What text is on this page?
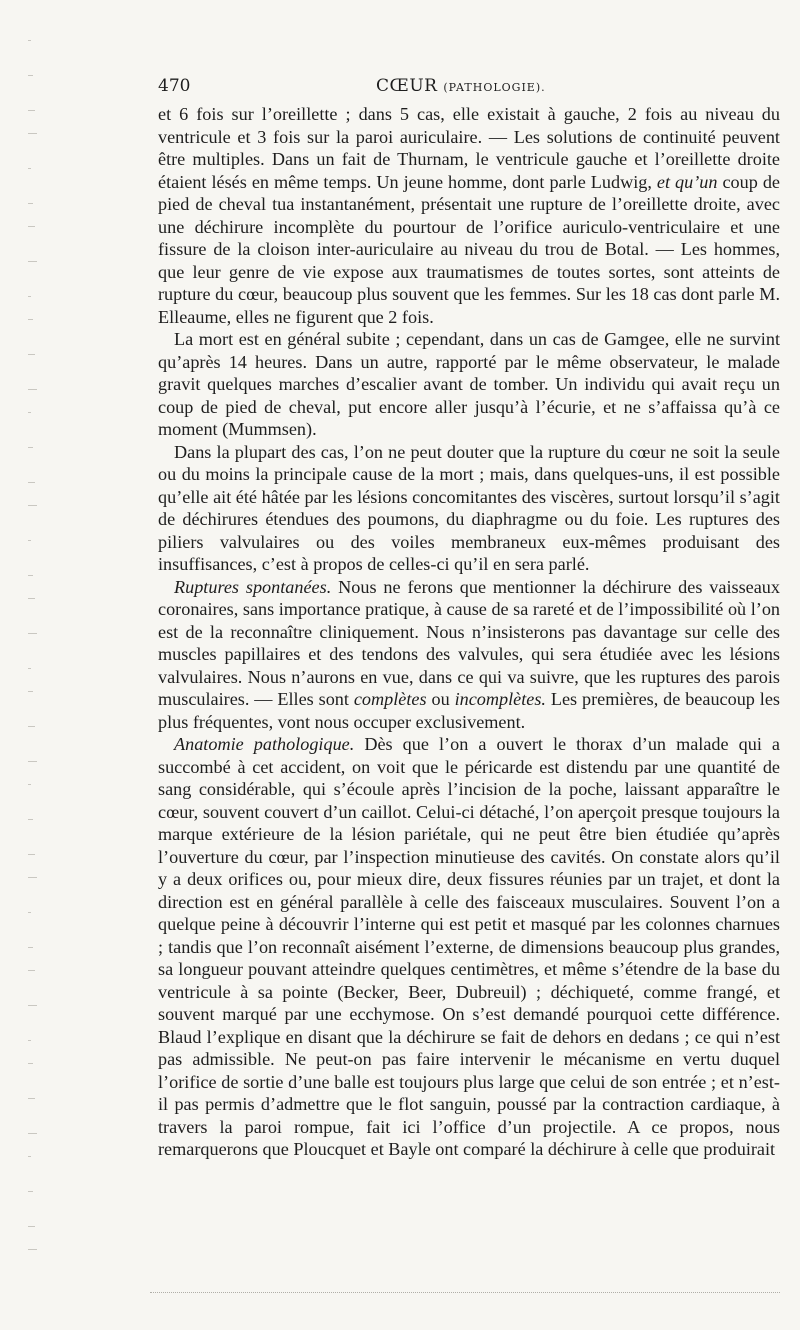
470	CŒUR (PATHOLOGIE).

et 6 fois sur l’oreillette ; dans 5 cas, elle existait à gauche, 2 fois au niveau du ventricule et 3 fois sur la paroi auriculaire. — Les solutions de continuité peuvent être multiples. Dans un fait de Thurnam, le ventricule gauche et l’oreillette droite étaient lésés en même temps. Un jeune homme, dont parle Ludwig, et qu’un coup de pied de cheval tua instantanément, présentait une rupture de l’oreillette droite, avec une déchirure incomplète du pourtour de l’orifice auriculo-ventriculaire et une fissure de la cloison inter-auriculaire au niveau du trou de Botal. — Les hommes, que leur genre de vie expose aux traumatismes de toutes sortes, sont atteints de rupture du cœur, beaucoup plus souvent que les femmes. Sur les 18 cas dont parle M. Elleaume, elles ne figurent que 2 fois.

La mort est en général subite ; cependant, dans un cas de Gamgee, elle ne survint qu’après 14 heures. Dans un autre, rapporté par le même observateur, le malade gravit quelques marches d’escalier avant de tomber. Un individu qui avait reçu un coup de pied de cheval, put encore aller jusqu’à l’écurie, et ne s’affaissa qu’à ce moment (Mummsen).

Dans la plupart des cas, l’on ne peut douter que la rupture du cœur ne soit la seule ou du moins la principale cause de la mort ; mais, dans quelques-uns, il est possible qu’elle ait été hâtée par les lésions concomitantes des viscères, surtout lorsqu’il s’agit de déchirures étendues des poumons, du diaphragme ou du foie. Les ruptures des piliers valvulaires ou des voiles membraneux eux-mêmes produisant des insuffisances, c’est à propos de celles-ci qu’il en sera parlé.

Ruptures spontanées. Nous ne ferons que mentionner la déchirure des vaisseaux coronaires, sans importance pratique, à cause de sa rareté et de l’impossibilité où l’on est de la reconnaître cliniquement. Nous n’insisterons pas davantage sur celle des muscles papillaires et des tendons des valvules, qui sera étudiée avec les lésions valvulaires. Nous n’aurons en vue, dans ce qui va suivre, que les ruptures des parois musculaires. — Elles sont complètes ou incomplètes. Les premières, de beaucoup les plus fréquentes, vont nous occuper exclusivement.

Anatomie pathologique. Dès que l’on a ouvert le thorax d’un malade qui a succombé à cet accident, on voit que le péricarde est distendu par une quantité de sang considérable, qui s’écoule après l’incision de la poche, laissant apparaître le cœur, souvent couvert d’un caillot. Celui-ci détaché, l’on aperçoit presque toujours la marque extérieure de la lésion pariétale, qui ne peut être bien étudiée qu’après l’ouverture du cœur, par l’inspection minutieuse des cavités. On constate alors qu’il y a deux orifices ou, pour mieux dire, deux fissures réunies par un trajet, et dont la direction est en général parallèle à celle des faisceaux musculaires. Souvent l’on a quelque peine à découvrir l’interne qui est petit et masqué par les colonnes charnues ; tandis que l’on reconnaît aisément l’externe, de dimensions beaucoup plus grandes, sa longueur pouvant atteindre quelques centimètres, et même s’étendre de la base du ventricule à sa pointe (Becker, Beer, Dubreuil) ; déchiqueté, comme frangé, et souvent marqué par une ecchymose. On s’est demandé pourquoi cette différence. Blaud l’explique en disant que la déchirure se fait de dehors en dedans ; ce qui n’est pas admissible. Ne peut-on pas faire intervenir le mécanisme en vertu duquel l’orifice de sortie d’une balle est toujours plus large que celui de son entrée ; et n’est-il pas permis d’admettre que le flot sanguin, poussé par la contraction cardiaque, à travers la paroi rompue, fait ici l’office d’un projectile. A ce propos, nous remarquerons que Ploucquet et Bayle ont comparé la déchirure à celle que produirait
